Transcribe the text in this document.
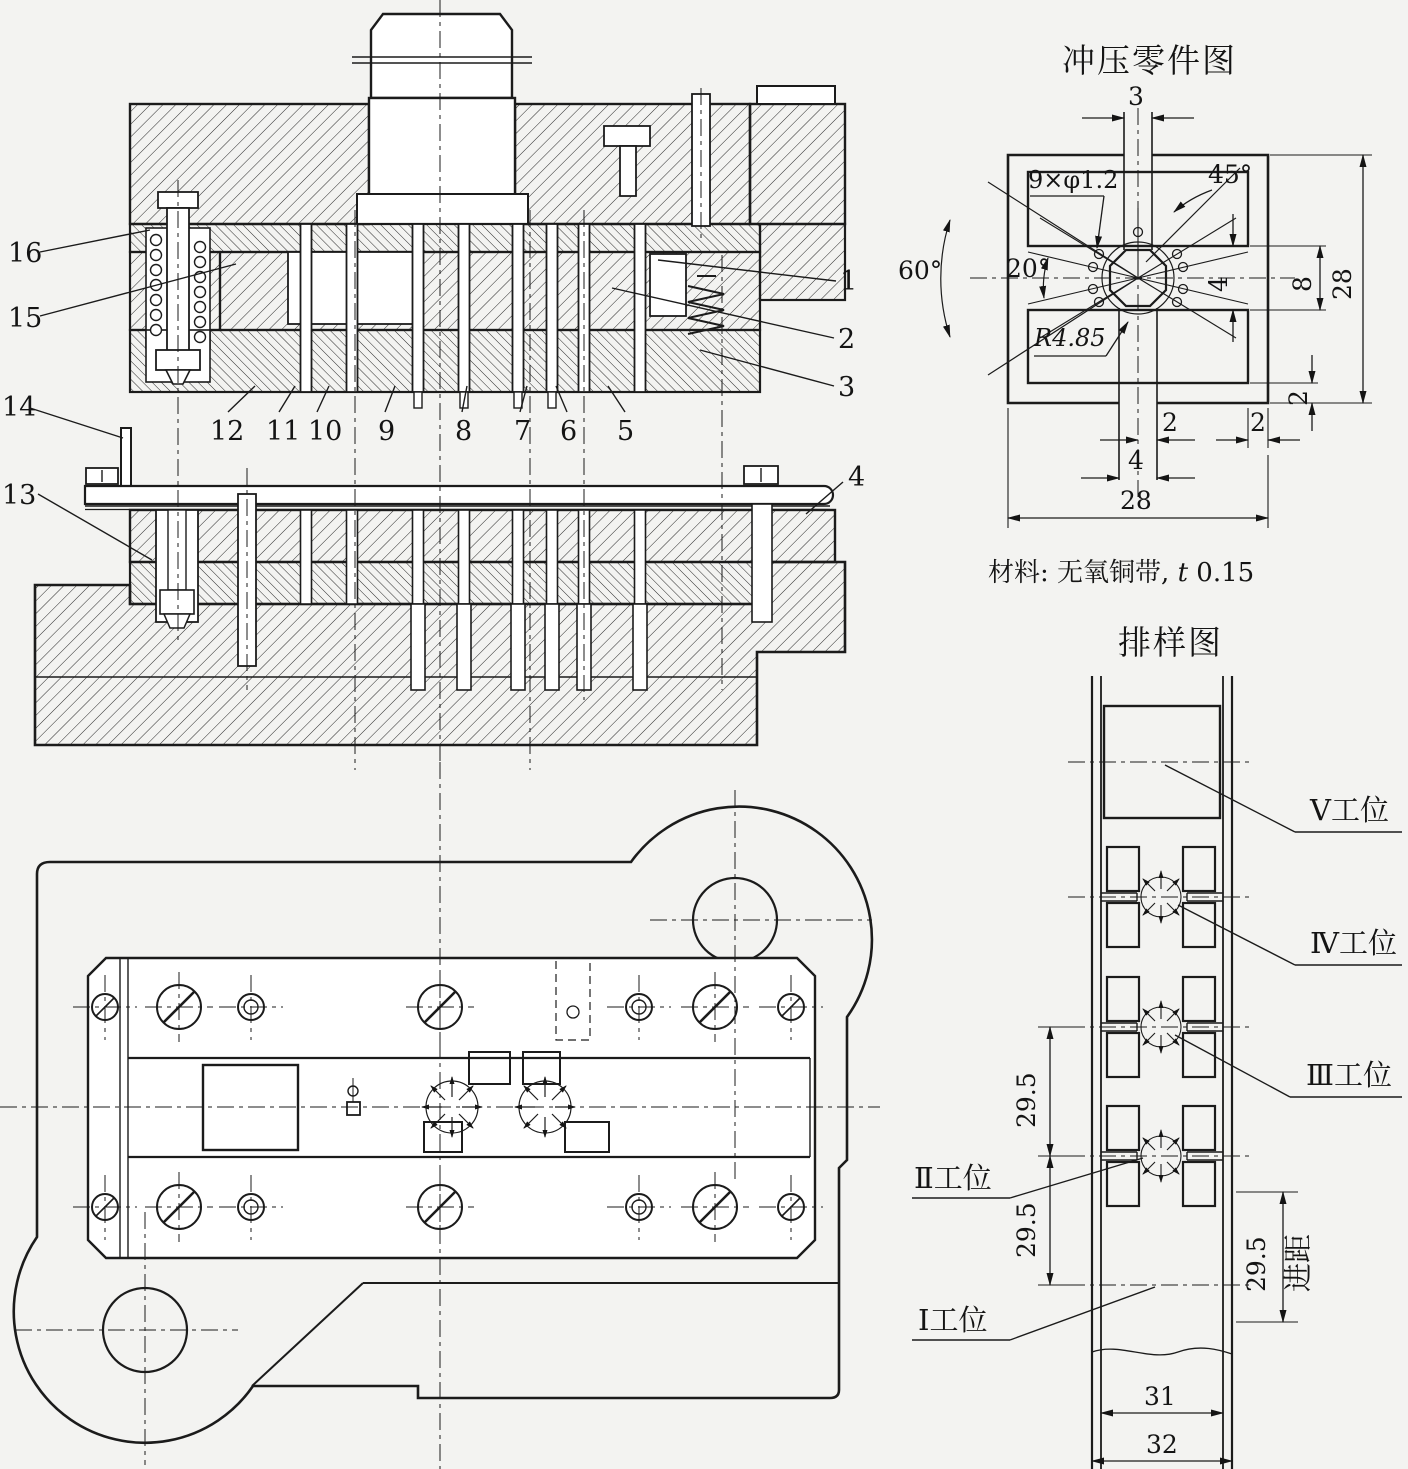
16
15
14
13
1
2
3
4
12 11 10 9 8 7 6 5
冲压零件图
3
9×φ1.2	45°
60°	20°
R4.85
4 8 28
2
2	2
4
28
材料: 无氧铜带, t 0.15
排样图
Ⅴ工位
Ⅳ工位
Ⅲ工位
Ⅱ工位
Ⅰ工位
29.5
29.5
29.5 进距
31
32
